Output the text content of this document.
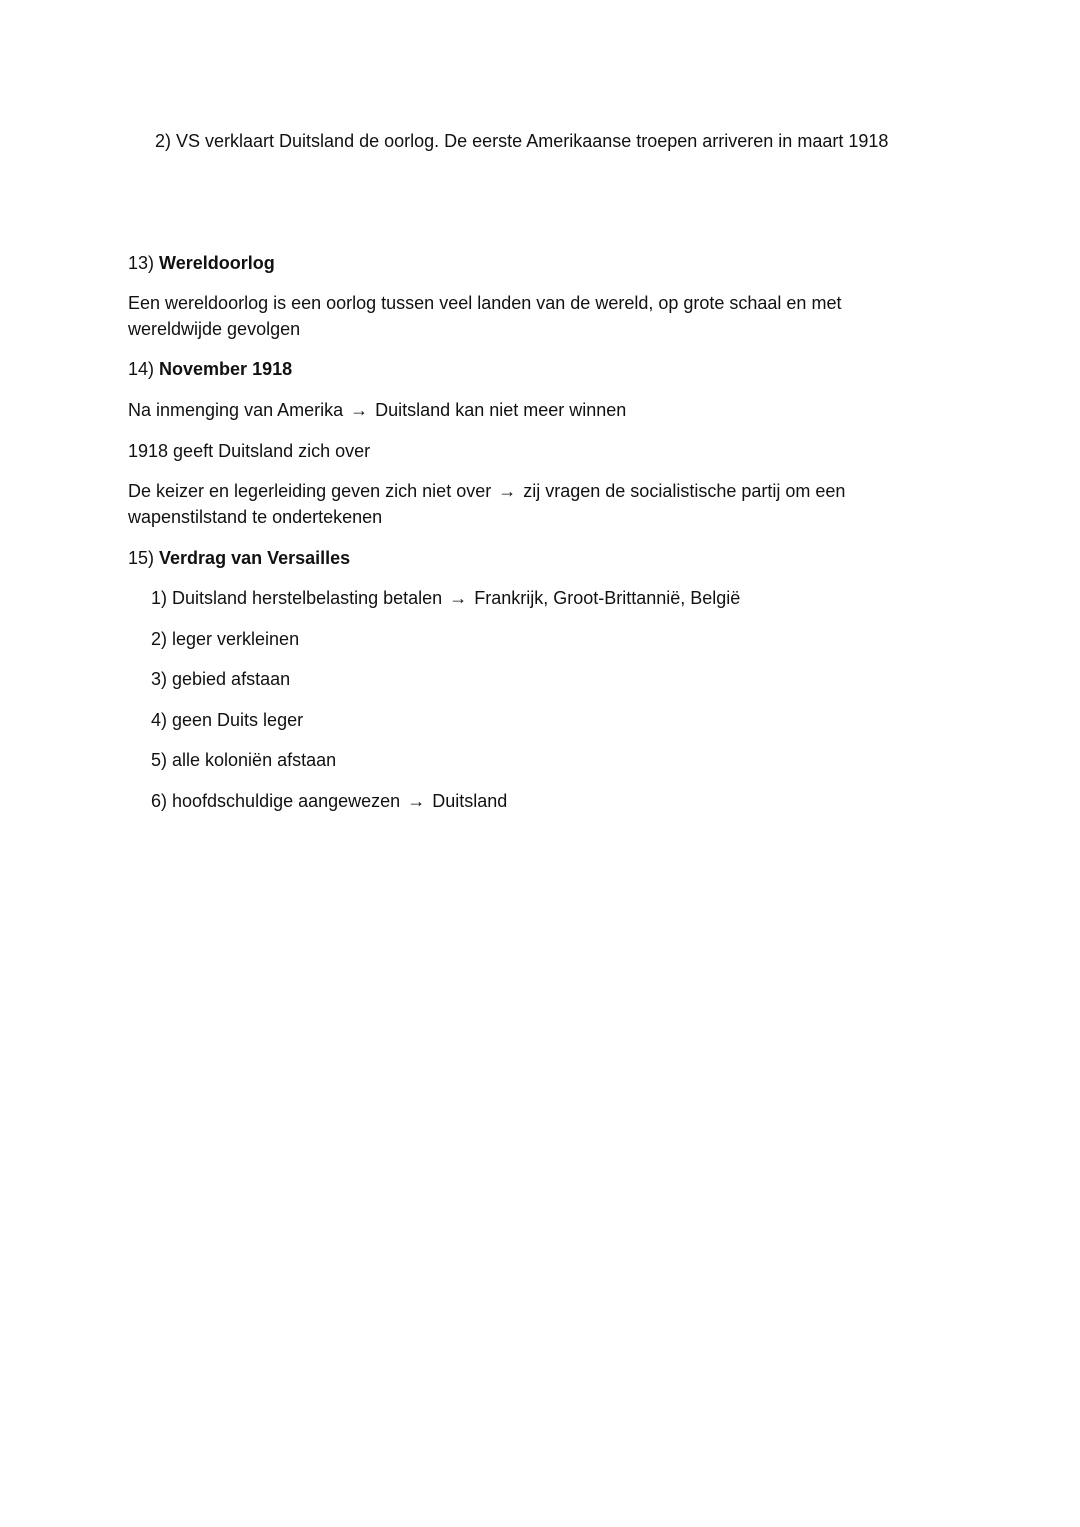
2) VS verklaart Duitsland de oorlog. De eerste Amerikaanse troepen arriveren in maart 1918
13) Wereldoorlog
Een wereldoorlog is een oorlog tussen veel landen van de wereld, op grote schaal en met wereldwijde gevolgen
14) November 1918
Na inmenging van Amerika → Duitsland kan niet meer winnen
1918 geeft Duitsland zich over
De keizer en legerleiding geven zich niet over → zij vragen de socialistische partij om een wapenstilstand te ondertekenen
15) Verdrag van Versailles
1) Duitsland herstelbelasting betalen → Frankrijk, Groot-Brittannië, België
2) leger verkleinen
3) gebied afstaan
4) geen Duits leger
5) alle koloniën afstaan
6) hoofdschuldige aangewezen → Duitsland
